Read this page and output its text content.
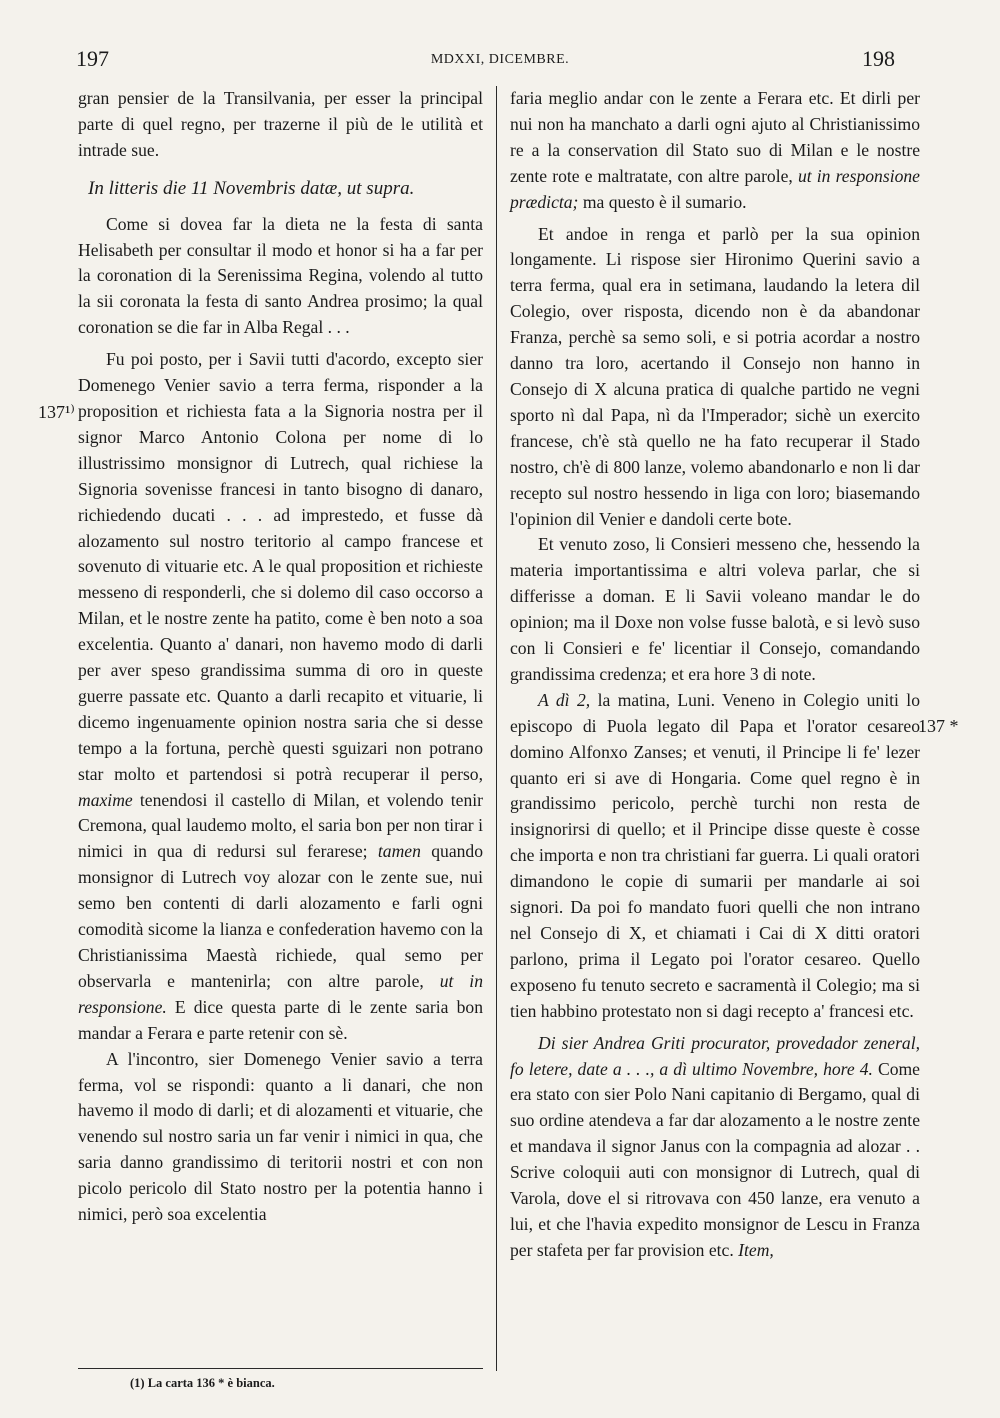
197	MDXXI, DICEMBRE.	198
137¹⁾
137 *

gran pensier de la Transilvania, per esser la principal parte di quel regno, per trazerne il più de le utilità et intrade sue.

In litteris die 11 Novembris datæ, ut supra.

Come si dovea far la dieta ne la festa di santa Helisabeth per consultar il modo et honor si ha a far per la coronation di la Serenissima Regina, volendo al tutto la sii coronata la festa di santo Andrea prosimo; la qual coronation se die far in Alba Regal . . .

Fu poi posto, per i Savii tutti d'acordo, excepto sier Domenego Venier savio a terra ferma, risponder a la proposition et richiesta fata a la Signoria nostra per il signor Marco Antonio Colona per nome di lo illustrissimo monsignor di Lutrech, qual richiese la Signoria sovenisse francesi in tanto bisogno di danaro, richiedendo ducati . . . ad imprestedo, et fusse dà alozamento sul nostro teritorio al campo francese et sovenuto di vituarie etc. A le qual proposition et richieste messeno di responderli, che si dolemo dil caso occorso a Milan, et le nostre zente ha patito, come è ben noto a soa excelentia. Quanto a' danari, non havemo modo di darli per aver speso grandissima summa di oro in queste guerre passate etc. Quanto a darli recapito et vituarie, li dicemo ingenuamente opinion nostra saria che si desse tempo a la fortuna, perchè questi sguizari non potrano star molto et partendosi si potrà recuperar il perso, maxime tenendosi il castello di Milan, et volendo tenir Cremona, qual laudemo molto, el saria bon per non tirar i nimici in qua di redursi sul ferarese; tamen quando monsignor di Lutrech voy alozar con le zente sue, nui semo ben contenti di darli alozamento e farli ogni comodità sicome la lianza e confederation havemo con la Christianissima Maestà richiede, qual semo per observarla e mantenirla; con altre parole, ut in responsione. E dice questa parte di le zente saria bon mandar a Ferara e parte retenir con sè.

A l'incontro, sier Domenego Venier savio a terra ferma, vol se rispondi: quanto a li danari, che non havemo il modo di darli; et di alozamenti et vituarie, che venendo sul nostro saria un far venir i nimici in qua, che saria danno grandissimo di teritorii nostri et con non picolo pericolo dil Stato nostro per la potentia hanno i nimici, però soa excelentia

faria meglio andar con le zente a Ferara etc. Et dirli per nui non ha manchato a darli ogni ajuto al Christianissimo re a la conservation dil Stato suo di Milan e le nostre zente rote e maltratate, con altre parole, ut in responsione prædicta; ma questo è il sumario.

Et andoe in renga et parlò per la sua opinion longamente. Li rispose sier Hironimo Querini savio a terra ferma, qual era in setimana, laudando la letera dil Colegio, over risposta, dicendo non è da abandonar Franza, perchè sa semo soli, e si potria acordar a nostro danno tra loro, acertando il Consejo non hanno in Consejo di X alcuna pratica di qualche partido ne vegni sporto nì dal Papa, nì da l'Imperador; sichè un exercito francese, ch'è stà quello ne ha fato recuperar il Stado nostro, ch'è di 800 lanze, volemo abandonarlo e non li dar recepto sul nostro hessendo in liga con loro; biasemando l'opinion dil Venier e dandoli certe bote.

Et venuto zoso, li Consieri messeno che, hessendo la materia importantissima e altri voleva parlar, che si differisse a doman. E li Savii voleano mandar le do opinion; ma il Doxe non volse fusse balotà, e si levò suso con li Consieri e fe' licentiar il Consejo, comandando grandissima credenza; et era hore 3 di note.

A dì 2, la matina, Luni. Veneno in Colegio uniti lo episcopo di Puola legato dil Papa et l'orator cesareo domino Alfonxo Zanses; et venuti, il Principe li fe' lezer quanto eri si ave di Hongaria. Come quel regno è in grandissimo pericolo, perchè turchi non resta de insignorirsi di quello; et il Principe disse queste è cosse che importa e non tra christiani far guerra. Li quali oratori dimandono le copie di sumarii per mandarle ai soi signori. Da poi fo mandato fuori quelli che non intrano nel Consejo di X, et chiamati i Cai di X ditti oratori parlono, prima il Legato poi l'orator cesareo. Quello exposeno fu tenuto secreto e sacramentà il Colegio; ma si tien habbino protestato non si dagi recepto a' francesi etc.

Di sier Andrea Griti procurator, provedador zeneral, fo letere, date a . . ., a dì ultimo Novembre, hore 4. Come era stato con sier Polo Nani capitanio di Bergamo, qual di suo ordine atendeva a far dar alozamento a le nostre zente et mandava il signor Janus con la compagnia ad alozar . . Scrive coloquii auti con monsignor di Lutrech, qual di Varola, dove el si ritrovava con 450 lanze, era venuto a lui, et che l'havia expedito monsignor de Lescu in Franza per stafeta per far provision etc. Item,

(1) La carta 136 * è bianca.
